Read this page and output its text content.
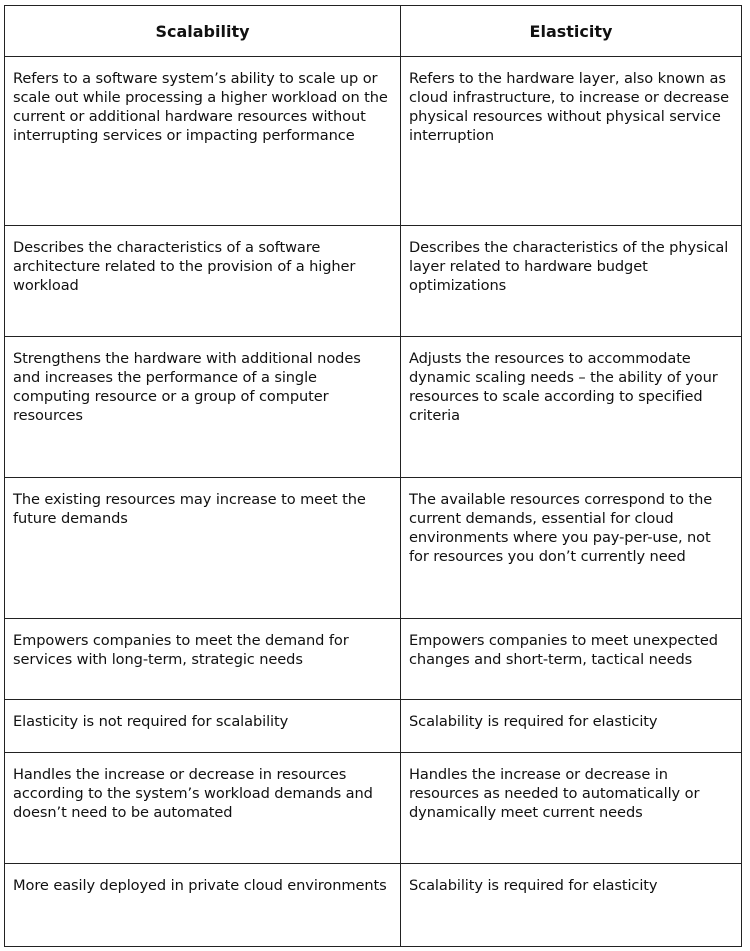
Scalability	Elasticity

Refers to a software system’s ability to scale up or scale out while processing a higher workload on the current or additional hardware resources without interrupting services or impacting performance	Refers to the hardware layer, also known as cloud infrastructure, to increase or decrease physical resources without physical service interruption

Describes the characteristics of a software architecture related to the provision of a higher workload	Describes the characteristics of the physical layer related to hardware budget optimizations

Strengthens the hardware with additional nodes and increases the performance of a single computing resource or a group of computer resources	Adjusts the resources to accommodate dynamic scaling needs – the ability of your resources to scale according to specified criteria

The existing resources may increase to meet the future demands	The available resources correspond to the current demands, essential for cloud environments where you pay-per-use, not for resources you don’t currently need

Empowers companies to meet the demand for services with long-term, strategic needs	Empowers companies to meet unexpected changes and short-term, tactical needs

Elasticity is not required for scalability	Scalability is required for elasticity

Handles the increase or decrease in resources according to the system’s workload demands and doesn’t need to be automated	Handles the increase or decrease in resources as needed to automatically or dynamically meet current needs

More easily deployed in private cloud environments	Scalability is required for elasticity
